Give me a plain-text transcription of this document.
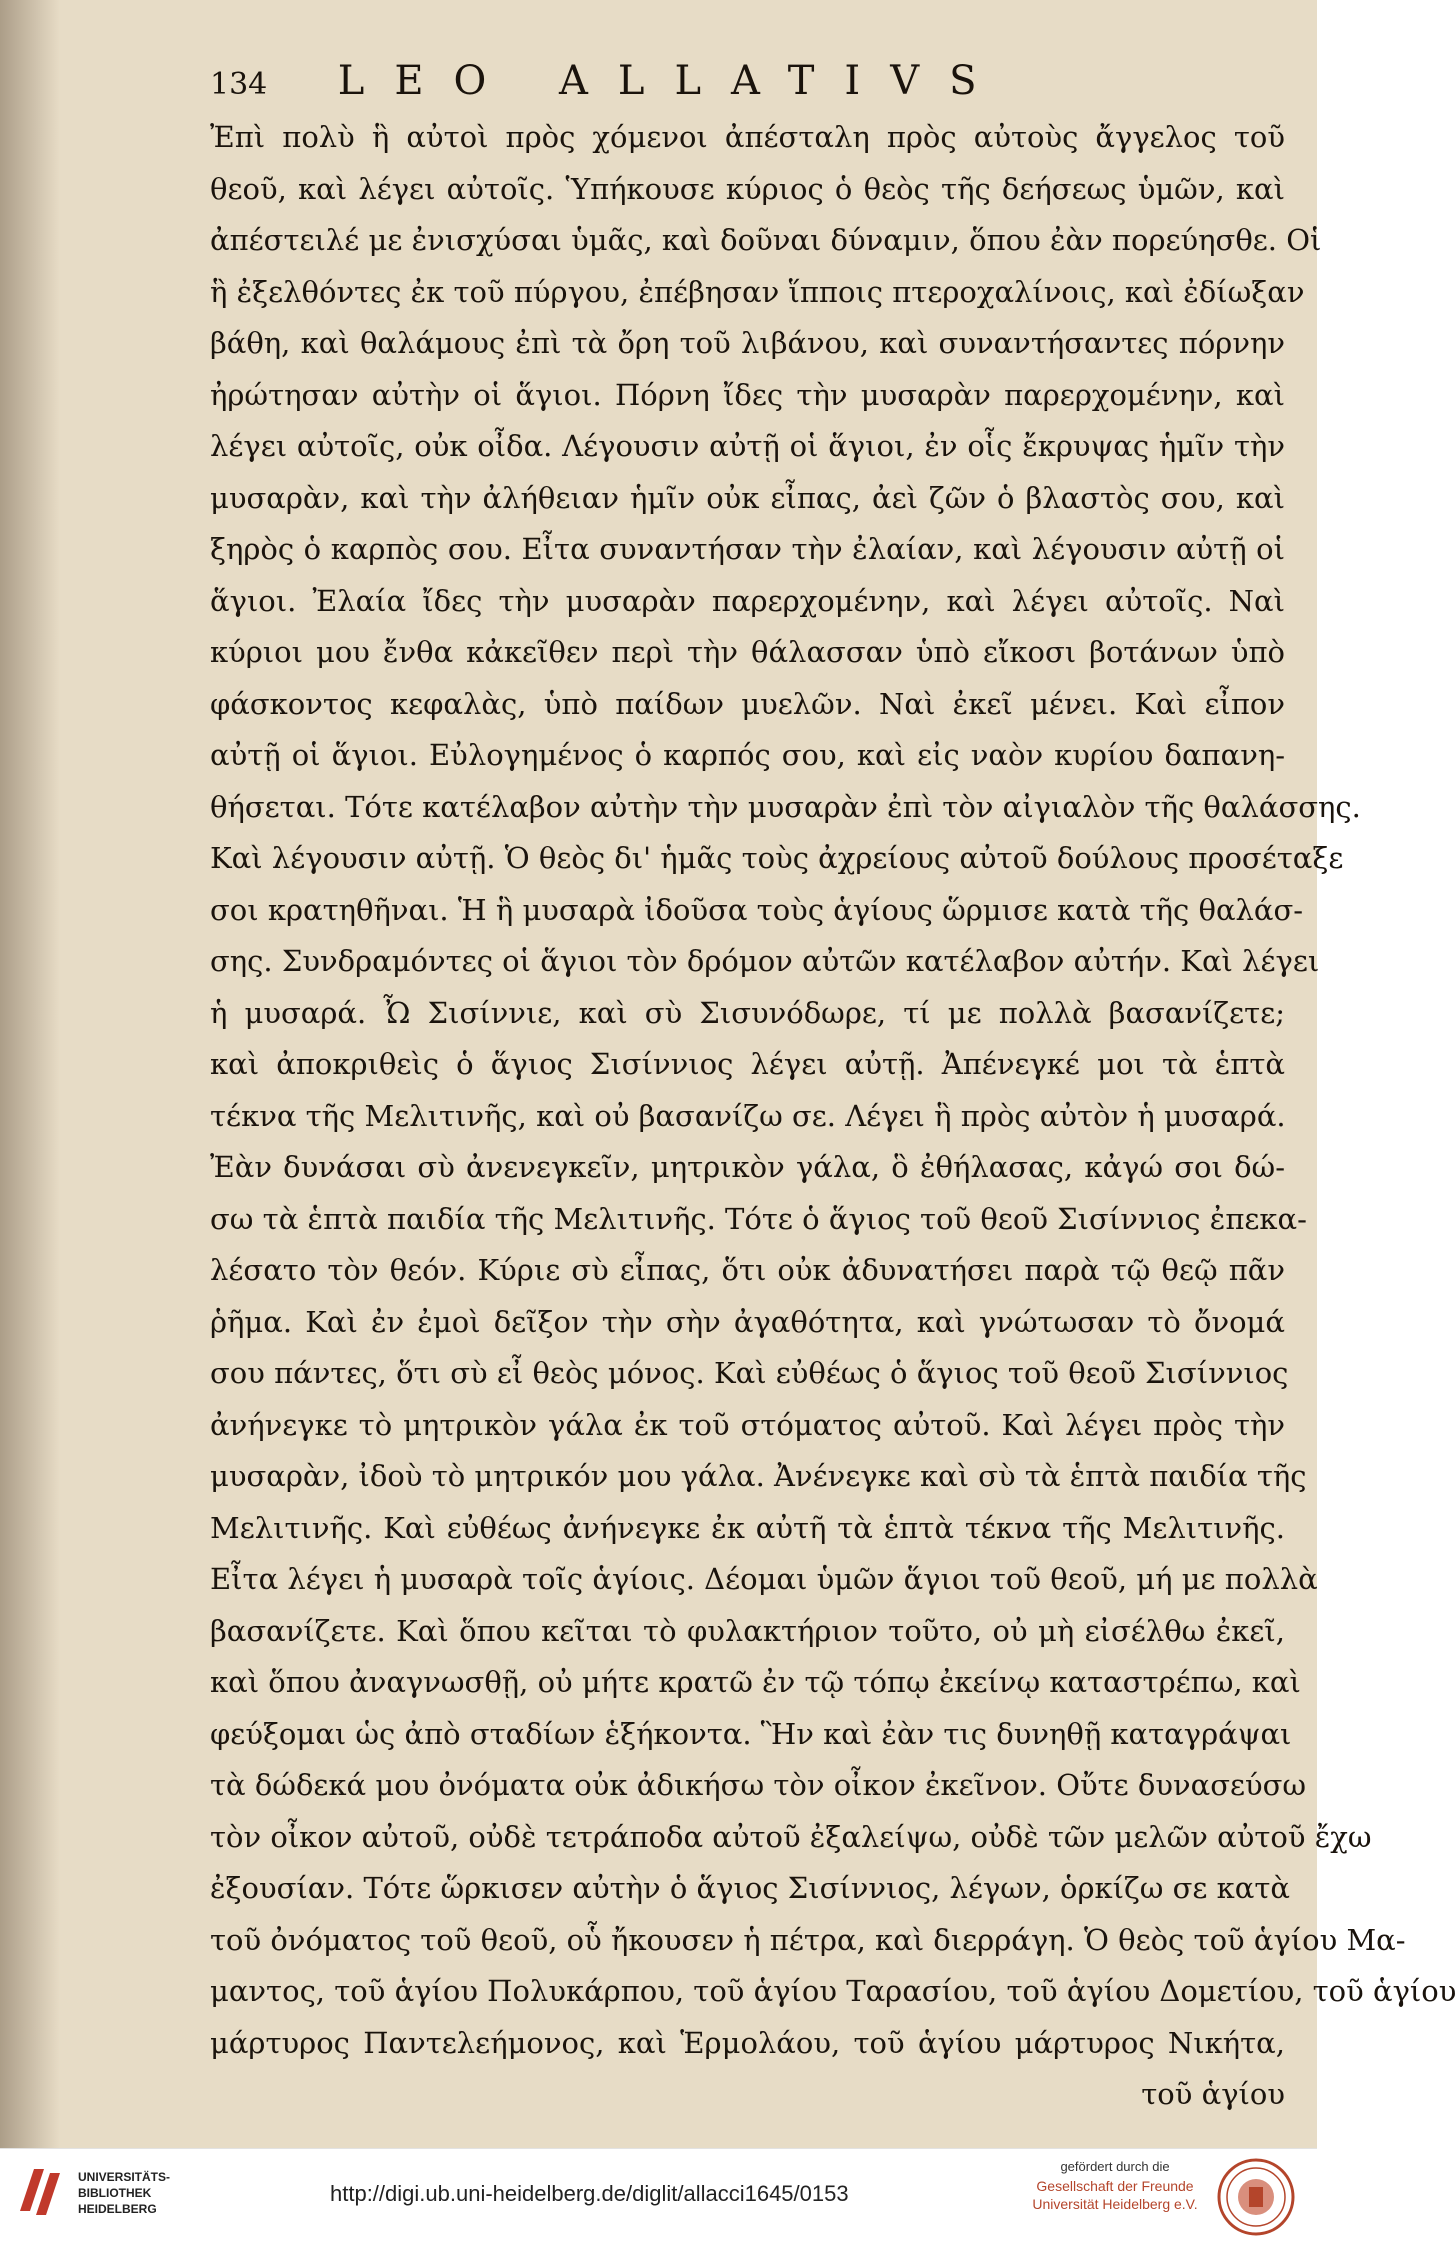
134	LEO ALLATIVS
Ἐπὶ πολὺ ἣ αὐτοὶ πρὸς χόμενοι ἀπέσταλη πρὸς αὐτοὺς ἄγγελος τοῦ
θεοῦ, καὶ λέγει αὐτοῖς. Ὑπήκουσε κύριος ὁ θεὸς τῆς δεήσεως ὑμῶν, καὶ
ἀπέστειλέ με ἐνισχύσαι ὑμᾶς, καὶ δοῦναι δύναμιν, ὅπου ἐὰν πορεύησθε. Οἱ
ἣ ἐξελθόντες ἐκ τοῦ πύργου, ἐπέβησαν ἵπποις πτεροχαλίνοις, καὶ ἐδίωξαν
βάθη, καὶ θαλάμους ἐπὶ τὰ ὄρη τοῦ λιβάνου, καὶ συναντήσαντες πόρνην
ἠρώτησαν αὐτὴν οἱ ἅγιοι. Πόρνη ἴδες τὴν μυσαρὰν παρερχομένην, καὶ
λέγει αὐτοῖς, οὐκ οἶδα. Λέγουσιν αὐτῇ οἱ ἅγιοι, ἐν οἷς ἔκρυψας ἡμῖν τὴν
μυσαρὰν, καὶ τὴν ἀλήθειαν ἡμῖν οὐκ εἶπας, ἀεὶ ζῶν ὁ βλαστὸς σου, καὶ
ξηρὸς ὁ καρπὸς σου. Εἶτα συναντήσαν τὴν ἐλαίαν, καὶ λέγουσιν αὐτῇ οἱ
ἅγιοι. Ἐλαία ἴδες τὴν μυσαρὰν παρερχομένην, καὶ λέγει αὐτοῖς. Ναὶ
κύριοι μου ἔνθα κἀκεῖθεν περὶ τὴν θάλασσαν ὑπὸ εἴκοσι βοτάνων ὑπὸ
φάσκοντος κεφαλὰς, ὑπὸ παίδων μυελῶν. Ναὶ ἐκεῖ μένει. Καὶ εἶπον
αὐτῇ οἱ ἅγιοι. Εὐλογημένος ὁ καρπός σου, καὶ εἰς ναὸν κυρίου δαπανη-
θήσεται. Τότε κατέλαβον αὐτὴν τὴν μυσαρὰν ἐπὶ τὸν αἰγιαλὸν τῆς θαλάσσης.
Καὶ λέγουσιν αὐτῇ. Ὁ θεὸς δι' ἡμᾶς τοὺς ἀχρείους αὐτοῦ δούλους προσέταξε
σοι κρατηθῆναι. Ἡ ἣ μυσαρὰ ἰδοῦσα τοὺς ἁγίους ὥρμισε κατὰ τῆς θαλάσ-
σης. Συνδραμόντες οἱ ἅγιοι τὸν δρόμον αὐτῶν κατέλαβον αὐτήν. Καὶ λέγει
ἡ μυσαρά. Ὦ Σισίννιε, καὶ σὺ Σισυνόδωρε, τί με πολλὰ βασανίζετε;
καὶ ἀποκριθεὶς ὁ ἅγιος Σισίννιος λέγει αὐτῇ. Ἀπένεγκέ μοι τὰ ἑπτὰ
τέκνα τῆς Μελιτινῆς, καὶ οὐ βασανίζω σε. Λέγει ἣ πρὸς αὐτὸν ἡ μυσαρά.
Ἐὰν δυνάσαι σὺ ἀνενεγκεῖν, μητρικὸν γάλα, ὃ ἐθήλασας, κἀγώ σοι δώ-
σω τὰ ἑπτὰ παιδία τῆς Μελιτινῆς. Τότε ὁ ἅγιος τοῦ θεοῦ Σισίννιος ἐπεκα-
λέσατο τὸν θεόν. Κύριε σὺ εἶπας, ὅτι οὐκ ἀδυνατήσει παρὰ τῷ θεῷ πᾶν
ῥῆμα. Καὶ ἐν ἐμοὶ δεῖξον τὴν σὴν ἀγαθότητα, καὶ γνώτωσαν τὸ ὄνομά
σου πάντες, ὅτι σὺ εἶ θεὸς μόνος. Καὶ εὐθέως ὁ ἅγιος τοῦ θεοῦ Σισίννιος
ἀνήνεγκε τὸ μητρικὸν γάλα ἐκ τοῦ στόματος αὐτοῦ. Καὶ λέγει πρὸς τὴν
μυσαρὰν, ἰδοὺ τὸ μητρικόν μου γάλα. Ἀνένεγκε καὶ σὺ τὰ ἑπτὰ παιδία τῆς
Μελιτινῆς. Καὶ εὐθέως ἀνήνεγκε ἐκ αὐτῆ τὰ ἑπτὰ τέκνα τῆς Μελιτινῆς.
Εἶτα λέγει ἡ μυσαρὰ τοῖς ἁγίοις. Δέομαι ὑμῶν ἅγιοι τοῦ θεοῦ, μή με πολλὰ
βασανίζετε. Καὶ ὅπου κεῖται τὸ φυλακτήριον τοῦτο, οὐ μὴ εἰσέλθω ἐκεῖ,
καὶ ὅπου ἀναγνωσθῇ, οὐ μήτε κρατῶ ἐν τῷ τόπῳ ἐκείνῳ καταστρέπω, καὶ
φεύξομαι ὡς ἀπὸ σταδίων ἑξήκοντα. Ἣν καὶ ἐὰν τις δυνηθῇ καταγράψαι
τὰ δώδεκά μου ὀνόματα οὐκ ἀδικήσω τὸν οἶκον ἐκεῖνον. Οὔτε δυνασεύσω
τὸν οἶκον αὐτοῦ, οὐδὲ τετράποδα αὐτοῦ ἐξαλείψω, οὐδὲ τῶν μελῶν αὐτοῦ ἔχω
ἐξουσίαν. Τότε ὥρκισεν αὐτὴν ὁ ἅγιος Σισίννιος, λέγων, ὁρκίζω σε κατὰ
τοῦ ὀνόματος τοῦ θεοῦ, οὗ ἤκουσεν ἡ πέτρα, καὶ διερράγη. Ὁ θεὸς τοῦ ἁγίου Μα-
μαντος, τοῦ ἁγίου Πολυκάρπου, τοῦ ἁγίου Ταρασίου, τοῦ ἁγίου Δομετίου, τοῦ ἁγίου
μάρτυρος Παντελεήμονος, καὶ Ἑρμολάου, τοῦ ἁγίου μάρτυρος Νικήτα,
τοῦ ἁγίου
UNIVERSITÄTS-
BIBLIOTHEK
HEIDELBERG
http://digi.ub.uni-heidelberg.de/diglit/allacci1645/0153
gefördert durch die
Gesellschaft der Freunde
Universität Heidelberg e.V.
